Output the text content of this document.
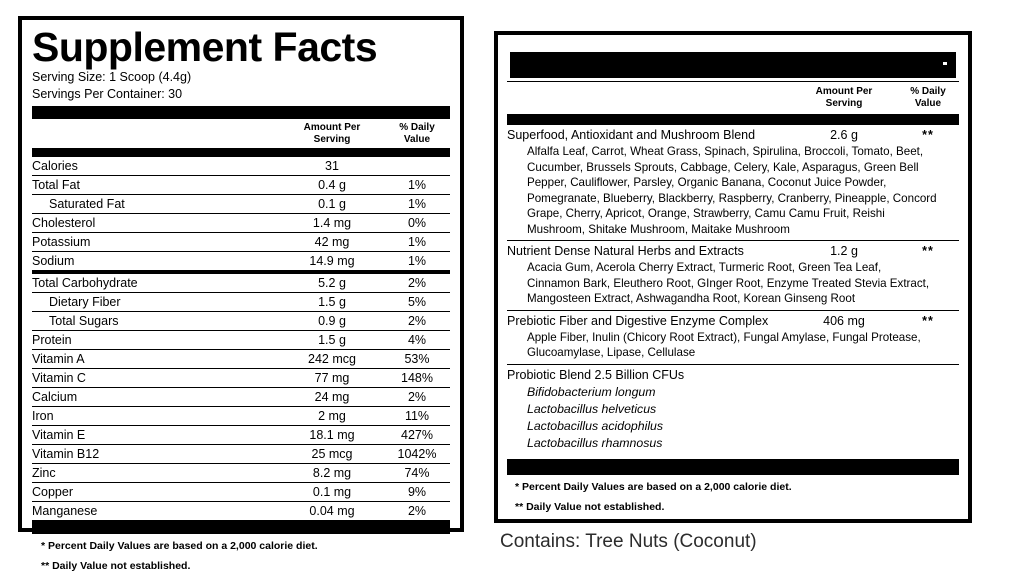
Supplement Facts
Serving Size: 1 Scoop (4.4g)
Servings Per Container: 30
Amount Per
Serving
% Daily
Value
Calories	31
Total Fat	0.4 g	1%
Saturated Fat	0.1 g	1%
Cholesterol	1.4 mg	0%
Potassium	42 mg	1%
Sodium	14.9 mg	1%
Total Carbohydrate	5.2 g	2%
Dietary Fiber	1.5 g	5%
Total Sugars	0.9 g	2%
Protein	1.5 g	4%
Vitamin A	242 mcg	53%
Vitamin C	77 mg	148%
Calcium	24 mg	2%
Iron	2 mg	11%
Vitamin E	18.1 mg	427%
Vitamin B12	25 mcg	1042%
Zinc	8.2 mg	74%
Copper	0.1 mg	9%
Manganese	0.04 mg	2%
* Percent Daily Values are based on a 2,000 calorie diet.
** Daily Value not established.
Amount Per
Serving
% Daily
Value
Superfood, Antioxidant and Mushroom Blend	2.6 g	**
Alfalfa Leaf, Carrot, Wheat Grass, Spinach, Spirulina, Broccoli, Tomato, Beet, Cucumber, Brussels Sprouts, Cabbage, Celery, Kale, Asparagus, Green Bell Pepper, Cauliflower, Parsley, Organic Banana, Coconut Juice Powder, Pomegranate, Blueberry, Blackberry, Raspberry, Cranberry, Pineapple, Concord Grape, Cherry, Apricot, Orange, Strawberry, Camu Camu Fruit, Reishi Mushroom, Shitake Mushroom, Maitake Mushroom
Nutrient Dense Natural Herbs and Extracts	1.2 g	**
Acacia Gum, Acerola Cherry Extract, Turmeric Root, Green Tea Leaf, Cinnamon Bark, Eleuthero Root, GInger Root, Enzyme Treated Stevia Extract, Mangosteen Extract, Ashwagandha Root, Korean Ginseng Root
Prebiotic Fiber and Digestive Enzyme Complex	406 mg	**
Apple Fiber, Inulin (Chicory Root Extract), Fungal Amylase, Fungal Protease, Glucoamylase, Lipase, Cellulase
Probiotic Blend 2.5 Billion CFUs
Bifidobacterium longum
Lactobacillus helveticus
Lactobacillus acidophilus
Lactobacillus rhamnosus
* Percent Daily Values are based on a 2,000 calorie diet.
** Daily Value not established.
Contains: Tree Nuts (Coconut)
